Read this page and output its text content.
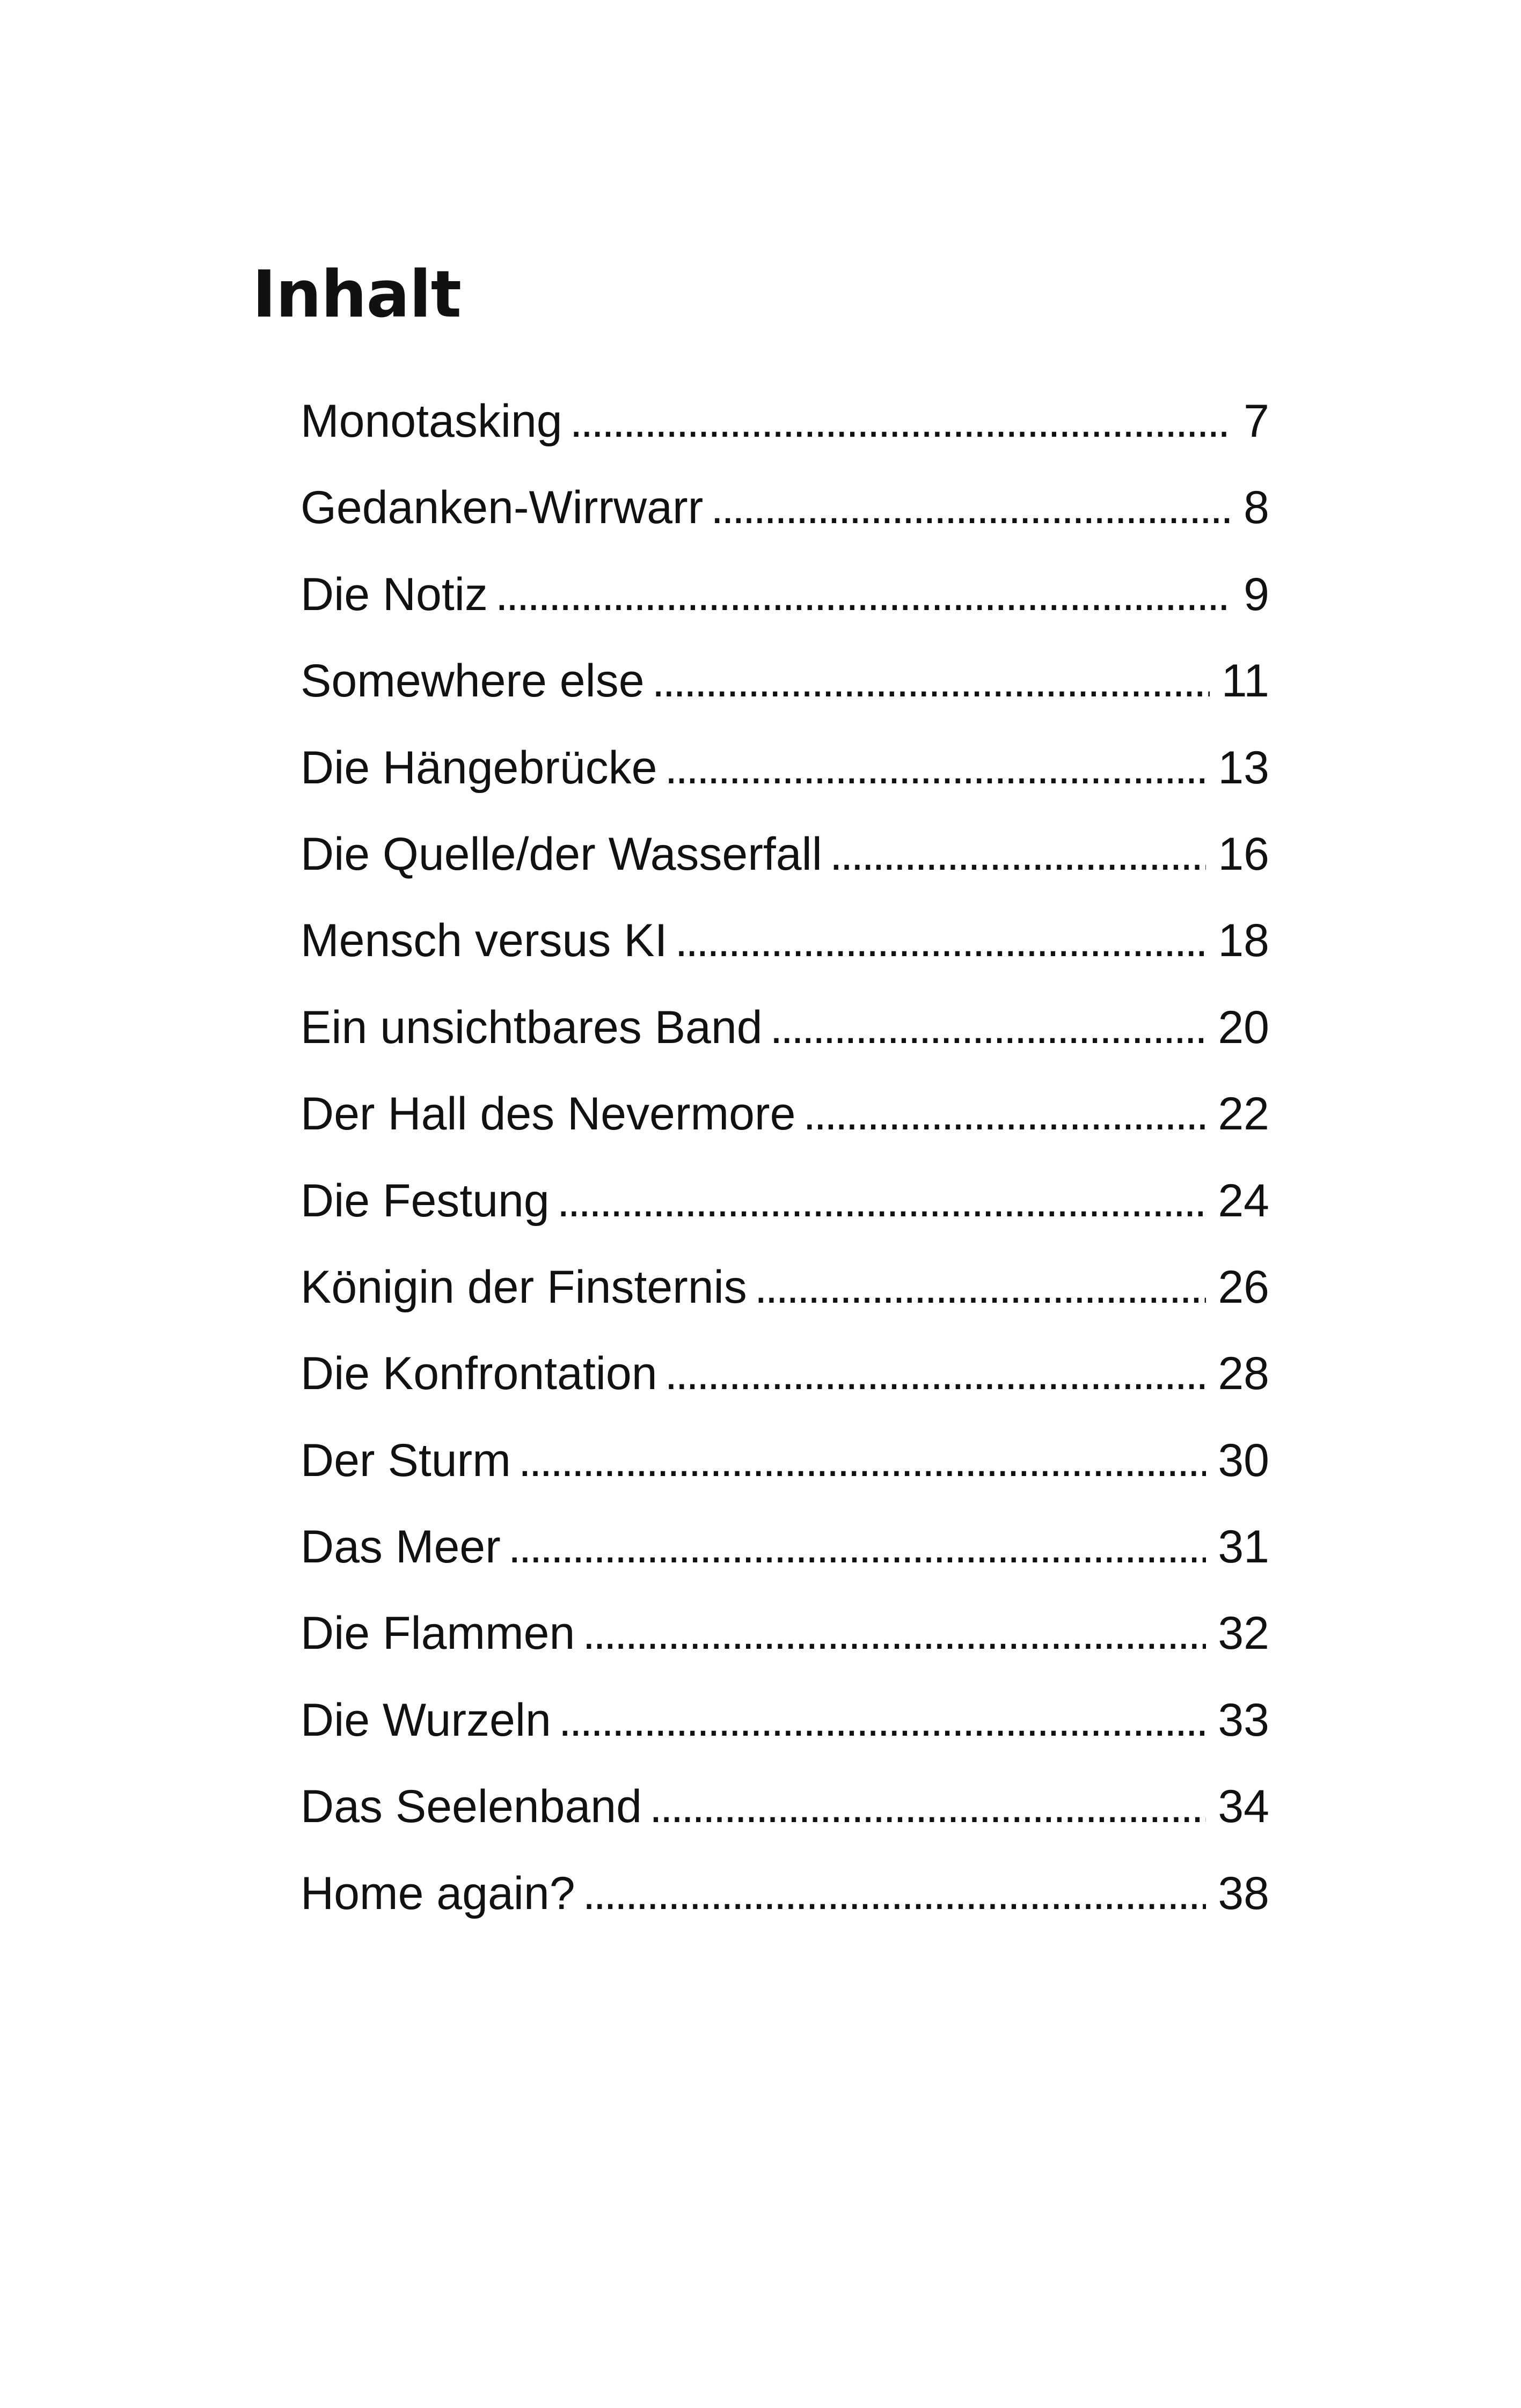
Inhalt
Monotasking . . .	7
Gedanken-Wirrwarr . . .	8
Die Notiz . . .	9
Somewhere else . . .	11
Die Hängebrücke . . .	13
Die Quelle/der Wasserfall . . .	16
Mensch versus KI . . .	18
Ein unsichtbares Band . . .	20
Der Hall des Nevermore . . .	22
Die Festung . . .	24
Königin der Finsternis . . .	26
Die Konfrontation . . .	28
Der Sturm . . .	30
Das Meer . . .	31
Die Flammen . . .	32
Die Wurzeln . . .	33
Das Seelenband . . .	34
Home again? . . .	38
